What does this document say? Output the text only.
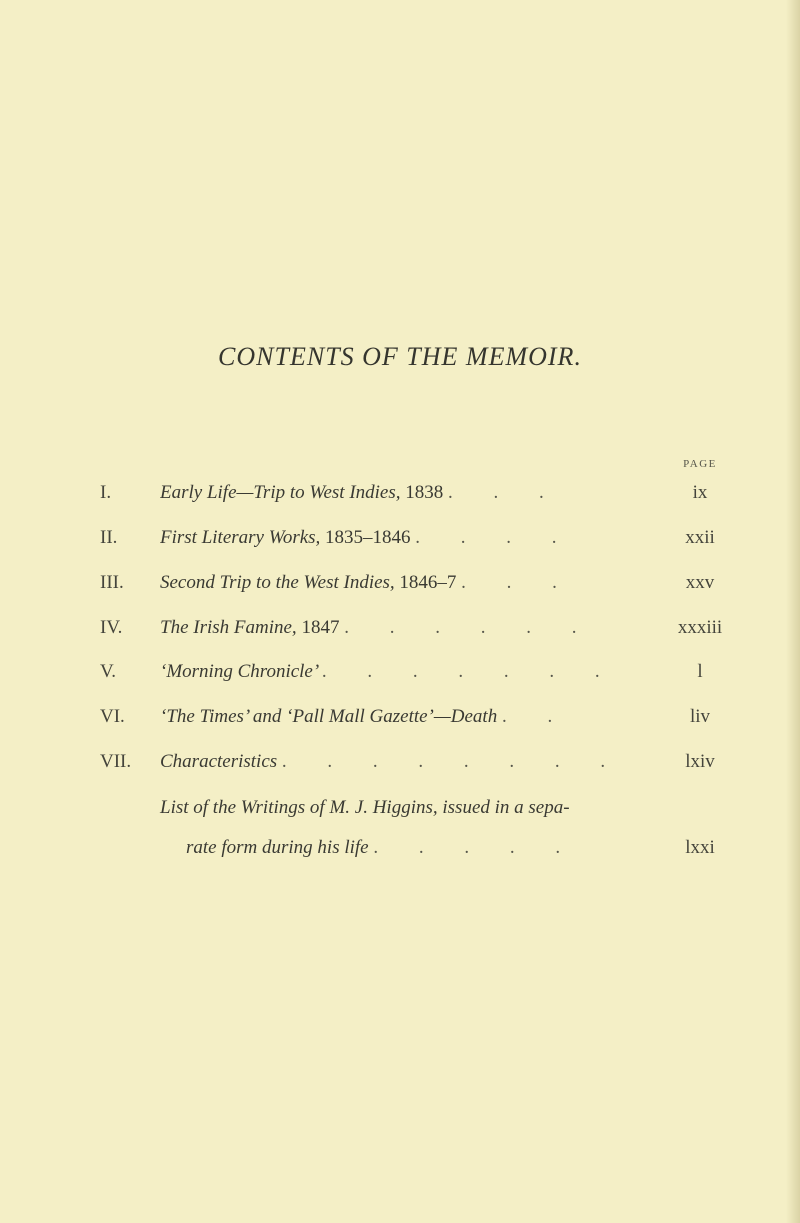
CONTENTS OF THE MEMOIR.
PAGE
I.	Early Life—Trip to West Indies, 1838 . . .	ix
II.	First Literary Works, 1835–1846 . . . .	xxii
III.	Second Trip to the West Indies, 1846–7 . . .	xxv
IV.	The Irish Famine, 1847 . . . . . .	xxxiii
V.	‘Morning Chronicle’ . . . . . . .	l
VI.	‘The Times’ and ‘Pall Mall Gazette’—Death . .	liv
VII.	Characteristics . . . . . . . .	lxiv
List of the Writings of M. J. Higgins, issued in a sepa-
rate form during his life . . . . .	lxxi
